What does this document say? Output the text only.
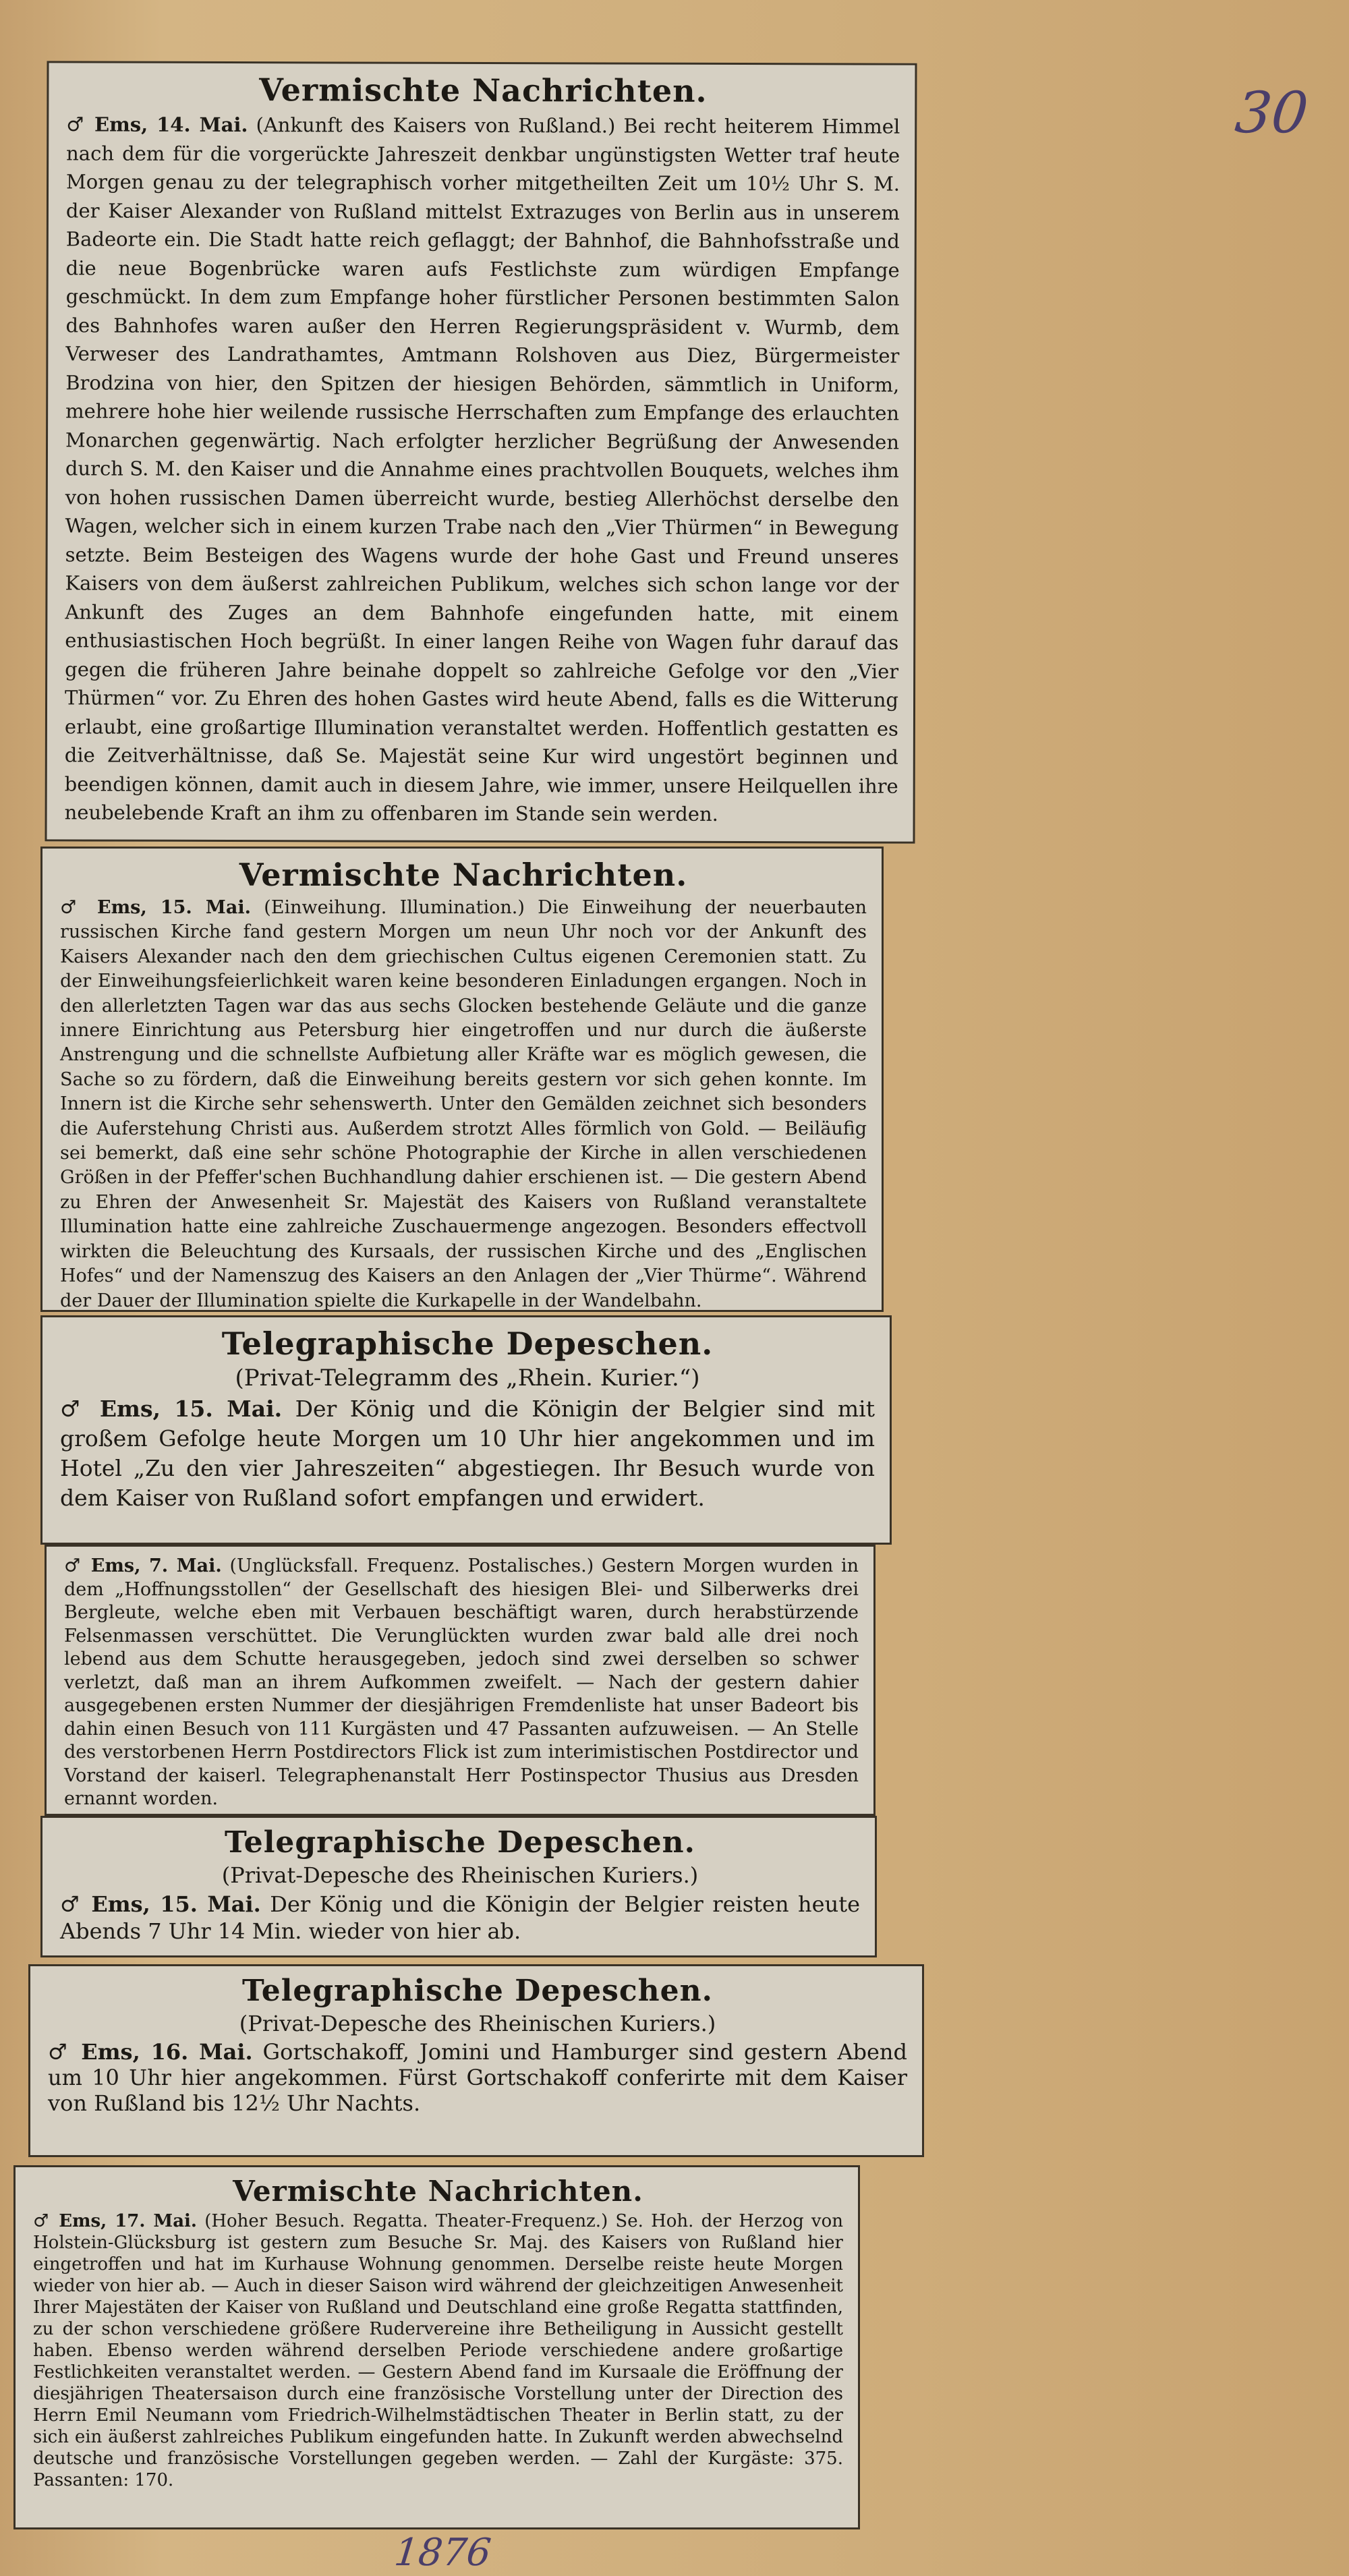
30
Vermischte Nachrichten.
♂ Ems, 14. Mai. (Ankunft des Kaisers von Rußland.) Bei recht heiterem Himmel nach dem für die vorgerückte Jahreszeit denkbar ungünstigsten Wetter traf heute Morgen genau zu der telegraphisch vorher mitgetheilten Zeit um 10½ Uhr S. M. der Kaiser Alexander von Rußland mittelst Extrazuges von Berlin aus in unserem Badeorte ein. Die Stadt hatte reich geflaggt; der Bahnhof, die Bahnhofsstraße und die neue Bogenbrücke waren aufs Festlichste zum würdigen Empfange geschmückt. In dem zum Empfange hoher fürstlicher Personen bestimmten Salon des Bahnhofes waren außer den Herren Regierungspräsident v. Wurmb, dem Verweser des Landrathamtes, Amtmann Rolshoven aus Diez, Bürgermeister Brodzina von hier, den Spitzen der hiesigen Behörden, sämmtlich in Uniform, mehrere hohe hier weilende russische Herrschaften zum Empfange des erlauchten Monarchen gegenwärtig. Nach erfolgter herzlicher Begrüßung der Anwesenden durch S. M. den Kaiser und die Annahme eines prachtvollen Bouquets, welches ihm von hohen russischen Damen überreicht wurde, bestieg Allerhöchst derselbe den Wagen, welcher sich in einem kurzen Trabe nach den „Vier Thürmen“ in Bewegung setzte. Beim Besteigen des Wagens wurde der hohe Gast und Freund unseres Kaisers von dem äußerst zahlreichen Publikum, welches sich schon lange vor der Ankunft des Zuges an dem Bahnhofe eingefunden hatte, mit einem enthusiastischen Hoch begrüßt. In einer langen Reihe von Wagen fuhr darauf das gegen die früheren Jahre beinahe doppelt so zahlreiche Gefolge vor den „Vier Thürmen“ vor. Zu Ehren des hohen Gastes wird heute Abend, falls es die Witterung erlaubt, eine großartige Illumination veranstaltet werden. Hoffentlich gestatten es die Zeitverhältnisse, daß Se. Majestät seine Kur wird ungestört beginnen und beendigen können, damit auch in diesem Jahre, wie immer, unsere Heilquellen ihre neubelebende Kraft an ihm zu offenbaren im Stande sein werden.
Vermischte Nachrichten.
♂ Ems, 15. Mai. (Einweihung. Illumination.) Die Einweihung der neuerbauten russischen Kirche fand gestern Morgen um neun Uhr noch vor der Ankunft des Kaisers Alexander nach den dem griechischen Cultus eigenen Ceremonien statt. Zu der Einweihungsfeierlichkeit waren keine besonderen Einladungen ergangen. Noch in den allerletzten Tagen war das aus sechs Glocken bestehende Geläute und die ganze innere Einrichtung aus Petersburg hier eingetroffen und nur durch die äußerste Anstrengung und die schnellste Aufbietung aller Kräfte war es möglich gewesen, die Sache so zu fördern, daß die Einweihung bereits gestern vor sich gehen konnte. Im Innern ist die Kirche sehr sehenswerth. Unter den Gemälden zeichnet sich besonders die Auferstehung Christi aus. Außerdem strotzt Alles förmlich von Gold. — Beiläufig sei bemerkt, daß eine sehr schöne Photographie der Kirche in allen verschiedenen Größen in der Pfeffer'schen Buchhandlung dahier erschienen ist. — Die gestern Abend zu Ehren der Anwesenheit Sr. Majestät des Kaisers von Rußland veranstaltete Illumination hatte eine zahlreiche Zuschauermenge angezogen. Besonders effectvoll wirkten die Beleuchtung des Kursaals, der russischen Kirche und des „Englischen Hofes“ und der Namenszug des Kaisers an den Anlagen der „Vier Thürme“. Während der Dauer der Illumination spielte die Kurkapelle in der Wandelbahn.
Telegraphische Depeschen.
(Privat-Telegramm des „Rhein. Kurier.“)
♂ Ems, 15. Mai. Der König und die Königin der Belgier sind mit großem Gefolge heute Morgen um 10 Uhr hier angekommen und im Hotel „Zu den vier Jahreszeiten“ abgestiegen. Ihr Besuch wurde von dem Kaiser von Rußland sofort empfangen und erwidert.
♂ Ems, 7. Mai. (Unglücksfall. Frequenz. Postalisches.) Gestern Morgen wurden in dem „Hoffnungsstollen“ der Gesellschaft des hiesigen Blei- und Silberwerks drei Bergleute, welche eben mit Verbauen beschäftigt waren, durch herabstürzende Felsenmassen verschüttet. Die Verunglückten wurden zwar bald alle drei noch lebend aus dem Schutte herausgegeben, jedoch sind zwei derselben so schwer verletzt, daß man an ihrem Aufkommen zweifelt. — Nach der gestern dahier ausgegebenen ersten Nummer der diesjährigen Fremdenliste hat unser Badeort bis dahin einen Besuch von 111 Kurgästen und 47 Passanten aufzuweisen. — An Stelle des verstorbenen Herrn Postdirectors Flick ist zum interimistischen Postdirector und Vorstand der kaiserl. Telegraphenanstalt Herr Postinspector Thusius aus Dresden ernannt worden.
Telegraphische Depeschen.
(Privat-Depesche des Rheinischen Kuriers.)
♂ Ems, 15. Mai. Der König und die Königin der Belgier reisten heute Abends 7 Uhr 14 Min. wieder von hier ab.
Telegraphische Depeschen.
(Privat-Depesche des Rheinischen Kuriers.)
♂ Ems, 16. Mai. Gortschakoff, Jomini und Hamburger sind gestern Abend um 10 Uhr hier angekommen. Fürst Gortschakoff conferirte mit dem Kaiser von Rußland bis 12½ Uhr Nachts.
Vermischte Nachrichten.
♂ Ems, 17. Mai. (Hoher Besuch. Regatta. Theater-Frequenz.) Se. Hoh. der Herzog von Holstein-Glücksburg ist gestern zum Besuche Sr. Maj. des Kaisers von Rußland hier eingetroffen und hat im Kurhause Wohnung genommen. Derselbe reiste heute Morgen wieder von hier ab. — Auch in dieser Saison wird während der gleichzeitigen Anwesenheit Ihrer Majestäten der Kaiser von Rußland und Deutschland eine große Regatta stattfinden, zu der schon verschiedene größere Rudervereine ihre Betheiligung in Aussicht gestellt haben. Ebenso werden während derselben Periode verschiedene andere großartige Festlichkeiten veranstaltet werden. — Gestern Abend fand im Kursaale die Eröffnung der diesjährigen Theatersaison durch eine französische Vorstellung unter der Direction des Herrn Emil Neumann vom Friedrich-Wilhelmstädtischen Theater in Berlin statt, zu der sich ein äußerst zahlreiches Publikum eingefunden hatte. In Zukunft werden abwechselnd deutsche und französische Vorstellungen gegeben werden. — Zahl der Kurgäste: 375. Passanten: 170.
1876
